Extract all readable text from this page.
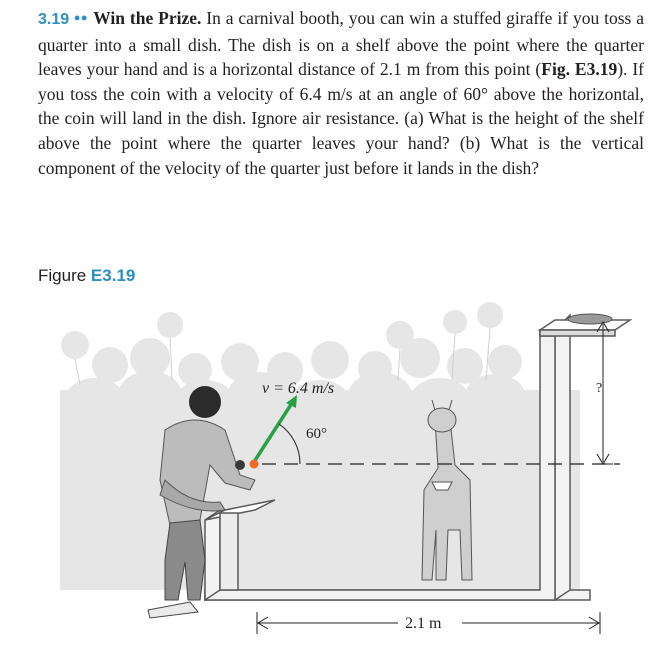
3.19 •• Win the Prize. In a carnival booth, you can win a stuffed giraffe if you toss a quarter into a small dish. The dish is on a shelf above the point where the quarter leaves your hand and is a horizontal distance of 2.1 m from this point (Fig. E3.19). If you toss the coin with a velocity of 6.4 m/s at an angle of 60° above the horizontal, the coin will land in the dish. Ignore air resistance. (a) What is the height of the shelf above the point where the quarter leaves your hand? (b) What is the vertical component of the velocity of the quarter just before it lands in the dish?
Figure E3.19
v = 6.4 m/s
60°
?
2.1 m
